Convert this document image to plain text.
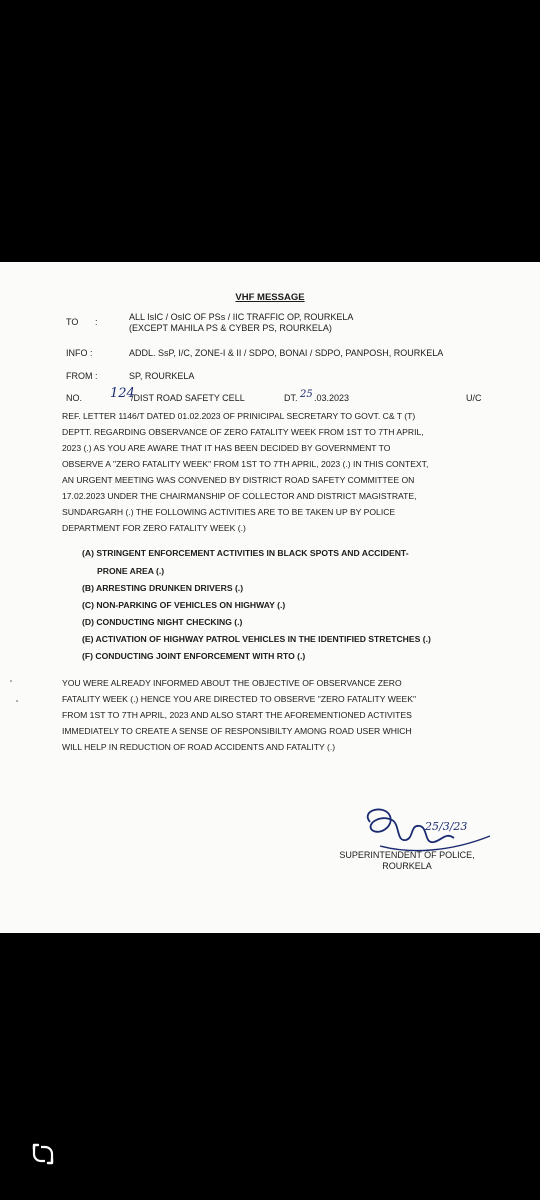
VHF MESSAGE
TO :	ALL IsIC / OsIC OF PSs / IIC TRAFFIC OP, ROURKELA
(EXCEPT MAHILA PS & CYBER PS, ROURKELA)
INFO :	ADDL. SsP, I/C, ZONE-I & II / SDPO, BONAI / SDPO, PANPOSH, ROURKELA
FROM :	SP, ROURKELA
NO. 124
/DIST ROAD SAFETY CELL	DT. 25 .03.2023	U/C
REF. LETTER 1146/T DATED 01.02.2023 OF PRINICIPAL SECRETARY TO GOVT. C& T (T)
DEPTT. REGARDING OBSERVANCE OF ZERO FATALITY WEEK FROM 1ST TO 7TH APRIL,
2023 (.) AS YOU ARE AWARE THAT IT HAS BEEN DECIDED BY GOVERNMENT TO
OBSERVE A "ZERO FATALITY WEEK" FROM 1ST TO 7TH APRIL, 2023 (.) IN THIS CONTEXT,
AN URGENT MEETING WAS CONVENED BY DISTRICT ROAD SAFETY COMMITTEE ON
17.02.2023 UNDER THE CHAIRMANSHIP OF COLLECTOR AND DISTRICT MAGISTRATE,
SUNDARGARH (.) THE FOLLOWING ACTIVITIES ARE TO BE TAKEN UP BY POLICE
DEPARTMENT FOR ZERO FATALITY WEEK (.)
(A) STRINGENT ENFORCEMENT ACTIVITIES IN BLACK SPOTS AND ACCIDENT-
PRONE AREA (.)
(B) ARRESTING DRUNKEN DRIVERS (.)
(C) NON-PARKING OF VEHICLES ON HIGHWAY (.)
(D) CONDUCTING NIGHT CHECKING (.)
(E) ACTIVATION OF HIGHWAY PATROL VEHICLES IN THE IDENTIFIED STRETCHES (.)
(F) CONDUCTING JOINT ENFORCEMENT WITH RTO (.)
YOU WERE ALREADY INFORMED ABOUT THE OBJECTIVE OF OBSERVANCE ZERO
FATALITY WEEK (.) HENCE YOU ARE DIRECTED TO OBSERVE "ZERO FATALITY WEEK"
FROM 1ST TO 7TH APRIL, 2023 AND ALSO START THE AFOREMENTIONED ACTIVITES
IMMEDIATELY TO CREATE A SENSE OF RESPONSIBILTY AMONG ROAD USER WHICH
WILL HELP IN REDUCTION OF ROAD ACCIDENTS AND FATALITY (.)
25/3/23
SUPERINTENDENT OF POLICE,
ROURKELA
